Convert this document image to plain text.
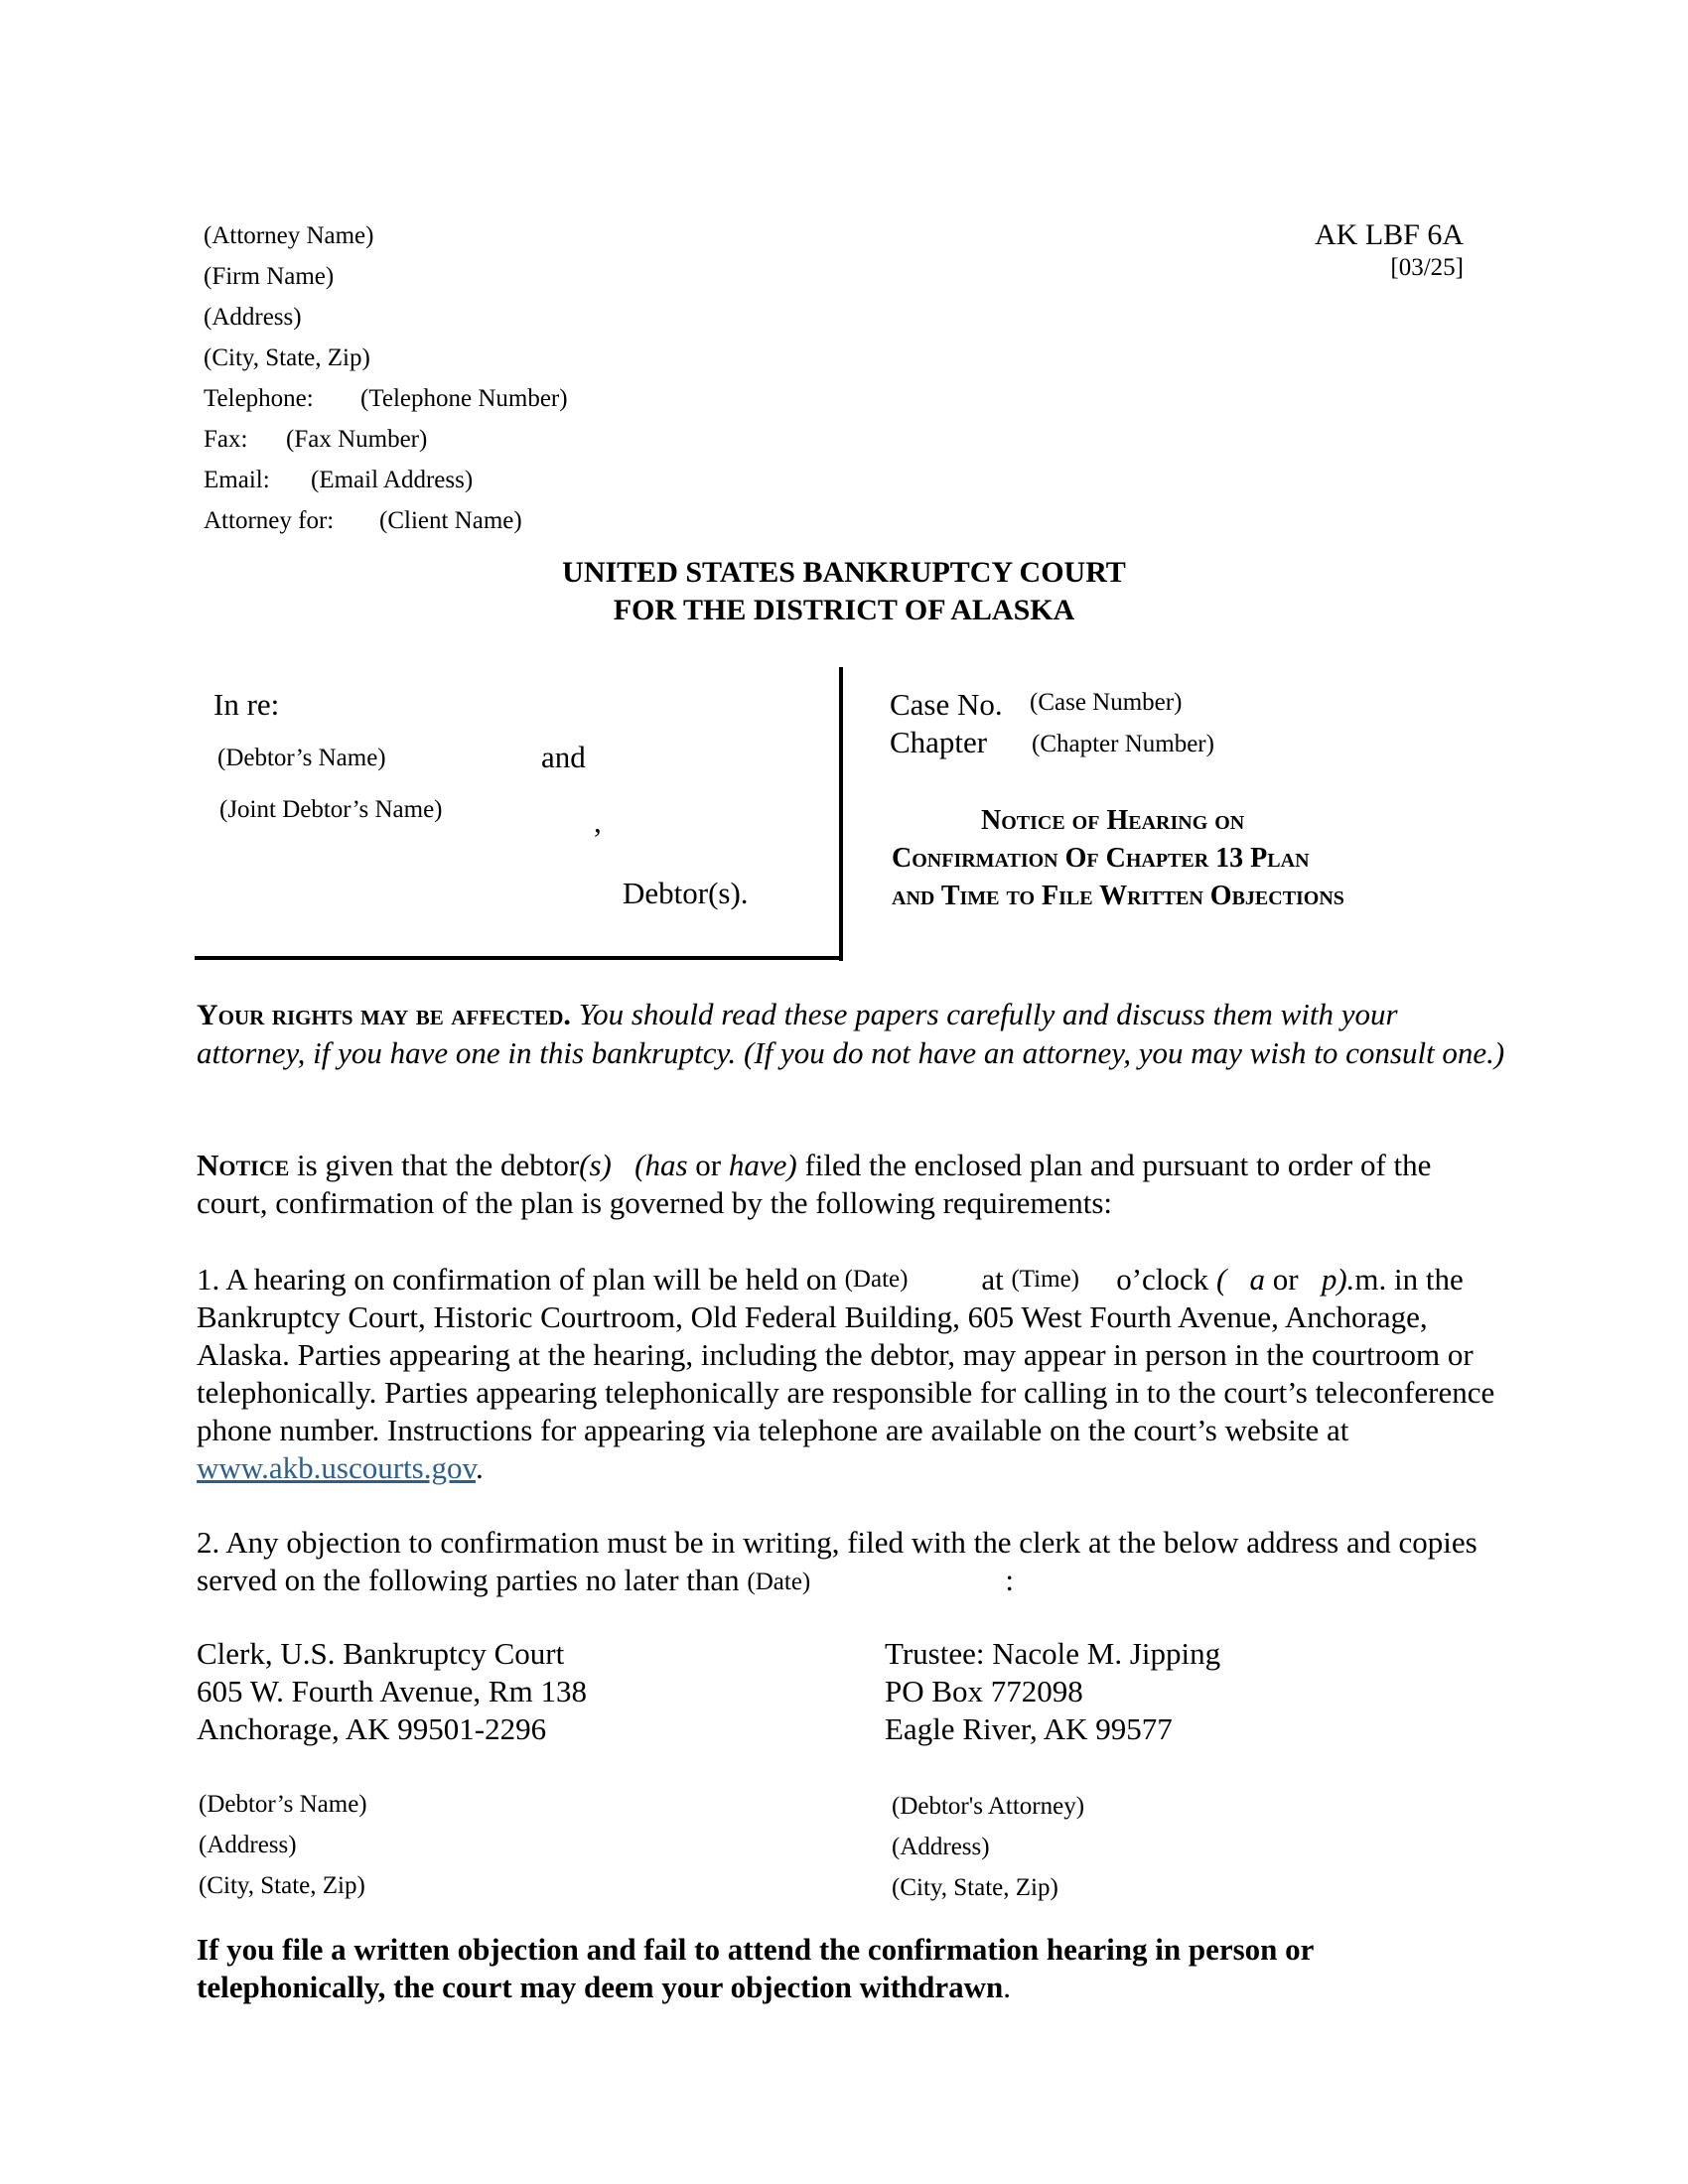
(Attorney Name)
(Firm Name)
(Address)
(City, State, Zip)
Telephone: (Telephone Number)
Fax: (Fax Number)
Email: (Email Address)
Attorney for: (Client Name)
AK LBF 6A
[03/25]
UNITED STATES BANKRUPTCY COURT
FOR THE DISTRICT OF ALASKA
In re:
(Debtor’s Name)	and
(Joint Debtor’s Name)	,
Debtor(s).
Case No. (Case Number)
Chapter (Chapter Number)
Notice of Hearing on
Confirmation Of Chapter 13 Plan
and Time to File Written Objections
Your rights may be affected. You should read these papers carefully and discuss them with your attorney, if you have one in this bankruptcy. (If you do not have an attorney, you may wish to consult one.)
Notice is given that the debtor(s) (has or have) filed the enclosed plan and pursuant to order of the court, confirmation of the plan is governed by the following requirements:
1. A hearing on confirmation of plan will be held on (Date) at (Time) o’clock ( a or p).m. in the Bankruptcy Court, Historic Courtroom, Old Federal Building, 605 West Fourth Avenue, Anchorage, Alaska. Parties appearing at the hearing, including the debtor, may appear in person in the courtroom or telephonically. Parties appearing telephonically are responsible for calling in to the court’s teleconference phone number. Instructions for appearing via telephone are available on the court’s website at www.akb.uscourts.gov.
2. Any objection to confirmation must be in writing, filed with the clerk at the below address and copies served on the following parties no later than (Date)	:
Clerk, U.S. Bankruptcy Court
605 W. Fourth Avenue, Rm 138
Anchorage, AK 99501-2296
Trustee: Nacole M. Jipping
PO Box 772098
Eagle River, AK 99577
(Debtor’s Name)
(Address)
(City, State, Zip)
(Debtor's Attorney)
(Address)
(City, State, Zip)
If you file a written objection and fail to attend the confirmation hearing in person or telephonically, the court may deem your objection withdrawn.
